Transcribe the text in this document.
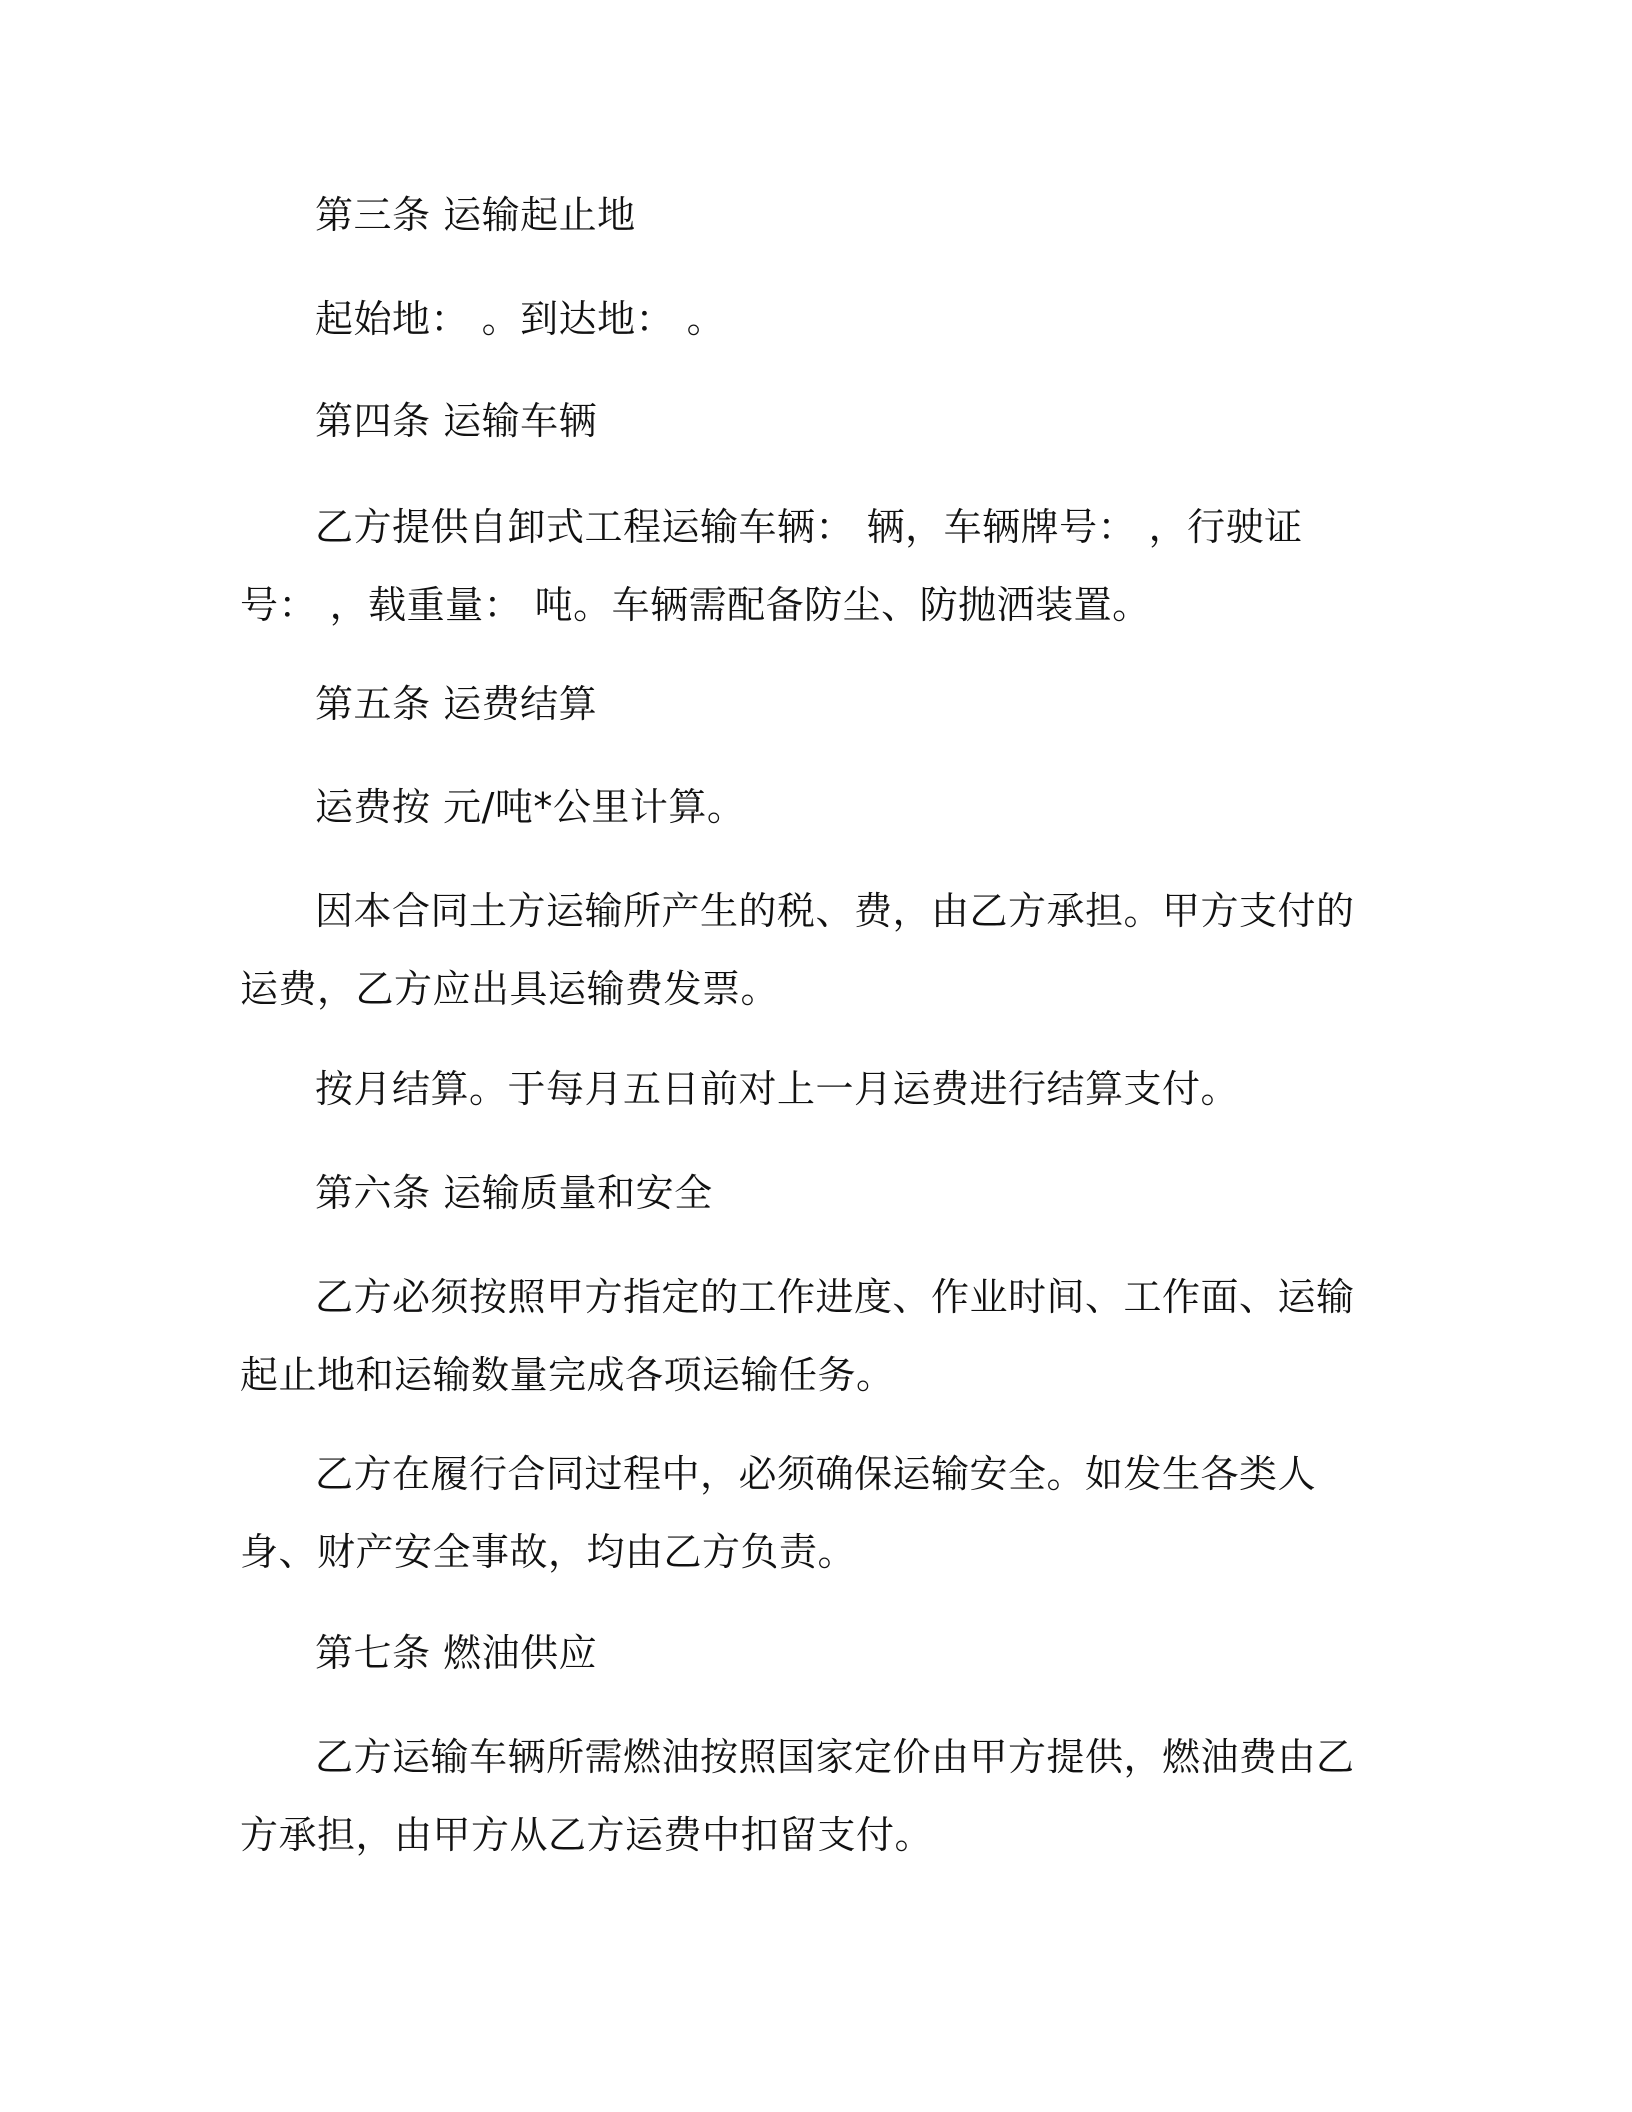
第三条 运输起止地

起始地： 。到达地： 。

第四条 运输车辆

乙方提供自卸式工程运输车辆： 辆，车辆牌号： ，行驶证号： ，载重量： 吨。车辆需配备防尘、防抛洒装置。

第五条 运费结算

运费按 元/吨*公里计算。

因本合同土方运输所产生的税、费，由乙方承担。甲方支付的运费，乙方应出具运输费发票。

按月结算。于每月五日前对上一月运费进行结算支付。

第六条 运输质量和安全

乙方必须按照甲方指定的工作进度、作业时间、工作面、运输起止地和运输数量完成各项运输任务。

乙方在履行合同过程中，必须确保运输安全。如发生各类人身、财产安全事故，均由乙方负责。

第七条 燃油供应

乙方运输车辆所需燃油按照国家定价由甲方提供，燃油费由乙方承担，由甲方从乙方运费中扣留支付。
